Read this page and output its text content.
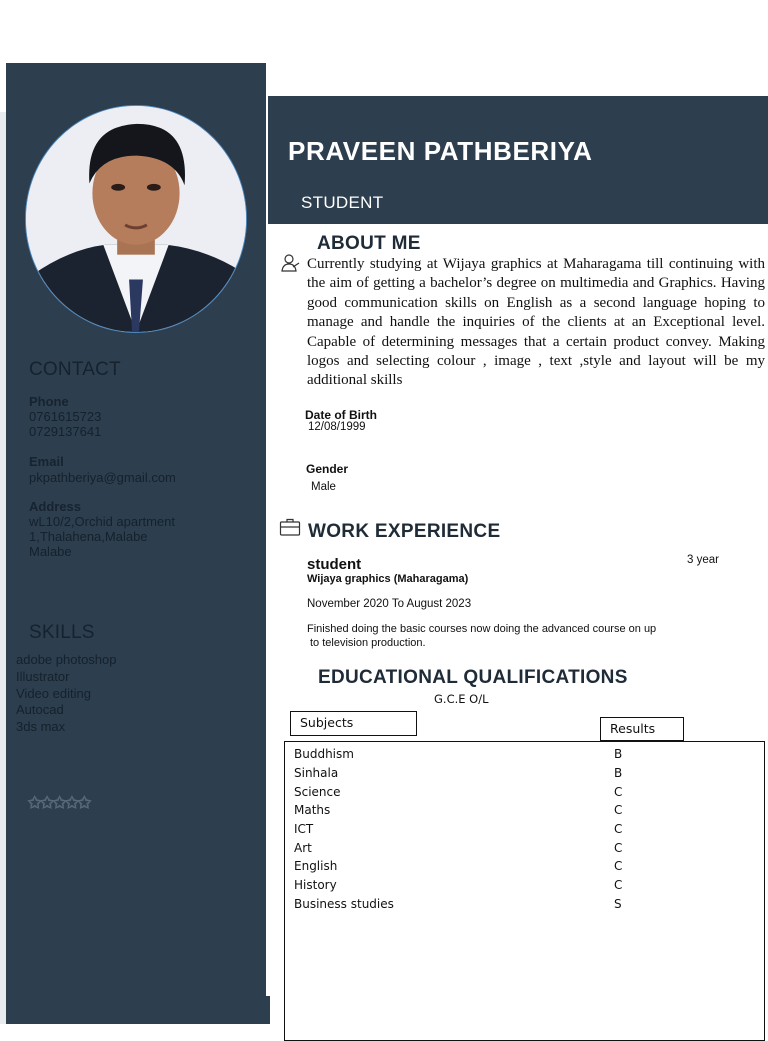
CONTACT
Phone
0761615723
0729137641
Email
pkpathberiya@gmail.com
Address
wL10/2,Orchid apartment
1,Thalahena,Malabe
Malabe
SKILLS
adobe photoshop
Illustrator
Video editing
Autocad
3ds max
✩✩✩✩✩
PRAVEEN PATHBERIYA
STUDENT
ABOUT ME
Currently studying at Wijaya graphics at Maharagama till continuing with the aim of getting a bachelor’s degree on multimedia and Graphics. Having good communication skills on English as a second language hoping to manage and handle the inquiries of the clients at an Exceptional level. Capable of determining messages that a certain product convey. Making logos and selecting colour , image , text ,style and layout will be my additional skills
Date of Birth
12/08/1999
Gender
Male
WORK EXPERIENCE
student	3 year
Wijaya graphics (Maharagama)
November 2020 To August 2023
Finished doing the basic courses now doing the advanced course on up
to television production.
EDUCATIONAL QUALIFICATIONS
G.C.E O/L
Subjects	Results
Buddhism	B
Sinhala	B
Science	C
Maths	C
ICT	C
Art	C
English	C
History	C
Business studies	S
